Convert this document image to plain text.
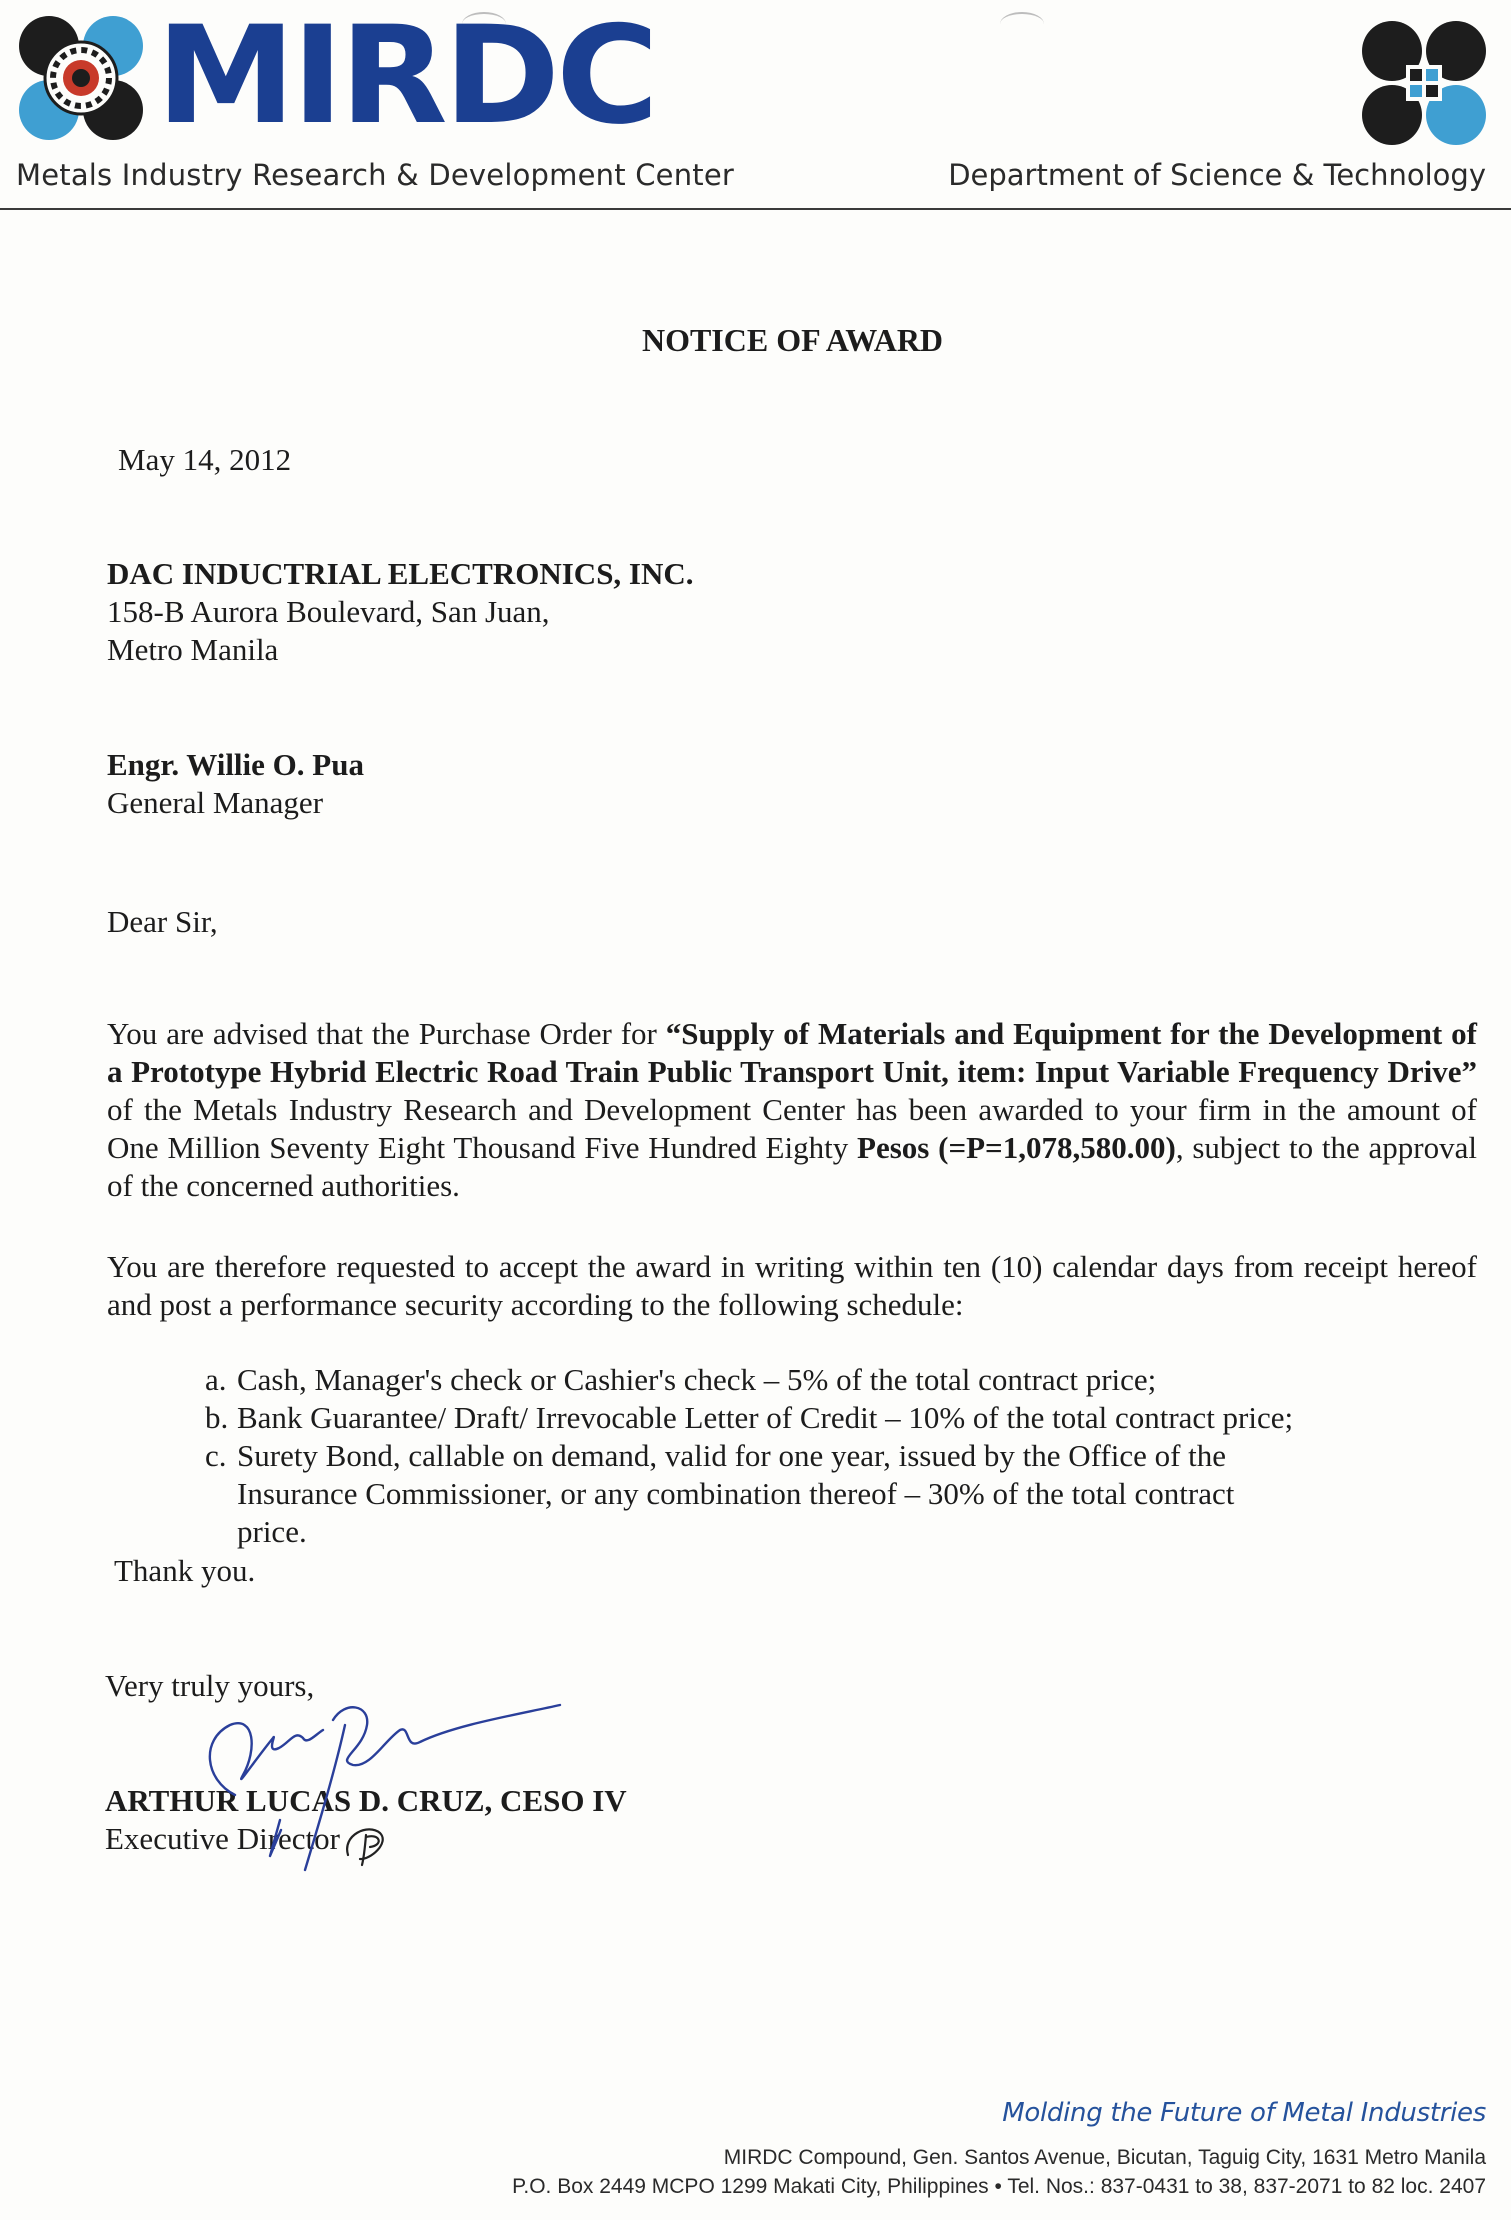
MIRDC
Metals Industry Research & Development Center	Department of Science & Technology
NOTICE OF AWARD
May 14, 2012
DAC INDUCTRIAL ELECTRONICS, INC.
158-B Aurora Boulevard, San Juan,
Metro Manila
Engr. Willie O. Pua
General Manager
Dear Sir,
You are advised that the Purchase Order for “Supply of Materials and Equipment for the Development of a Prototype Hybrid Electric Road Train Public Transport Unit, item: Input Variable Frequency Drive” of the Metals Industry Research and Development Center has been awarded to your firm in the amount of One Million Seventy Eight Thousand Five Hundred Eighty Pesos (=P=1,078,580.00), subject to the approval of the concerned authorities.
You are therefore requested to accept the award in writing within ten (10) calendar days from receipt hereof and post a performance security according to the following schedule:
a. Cash, Manager's check or Cashier's check – 5% of the total contract price;
b. Bank Guarantee/ Draft/ Irrevocable Letter of Credit – 10% of the total contract price;
c. Surety Bond, callable on demand, valid for one year, issued by the Office of the Insurance Commissioner, or any combination thereof – 30% of the total contract price.
Thank you.
Very truly yours,
ARTHUR LUCAS D. CRUZ, CESO IV
Executive Director
Molding the Future of Metal Industries
MIRDC Compound, Gen. Santos Avenue, Bicutan, Taguig City, 1631 Metro Manila
P.O. Box 2449 MCPO 1299 Makati City, Philippines • Tel. Nos.: 837-0431 to 38, 837-2071 to 82 loc. 2407
